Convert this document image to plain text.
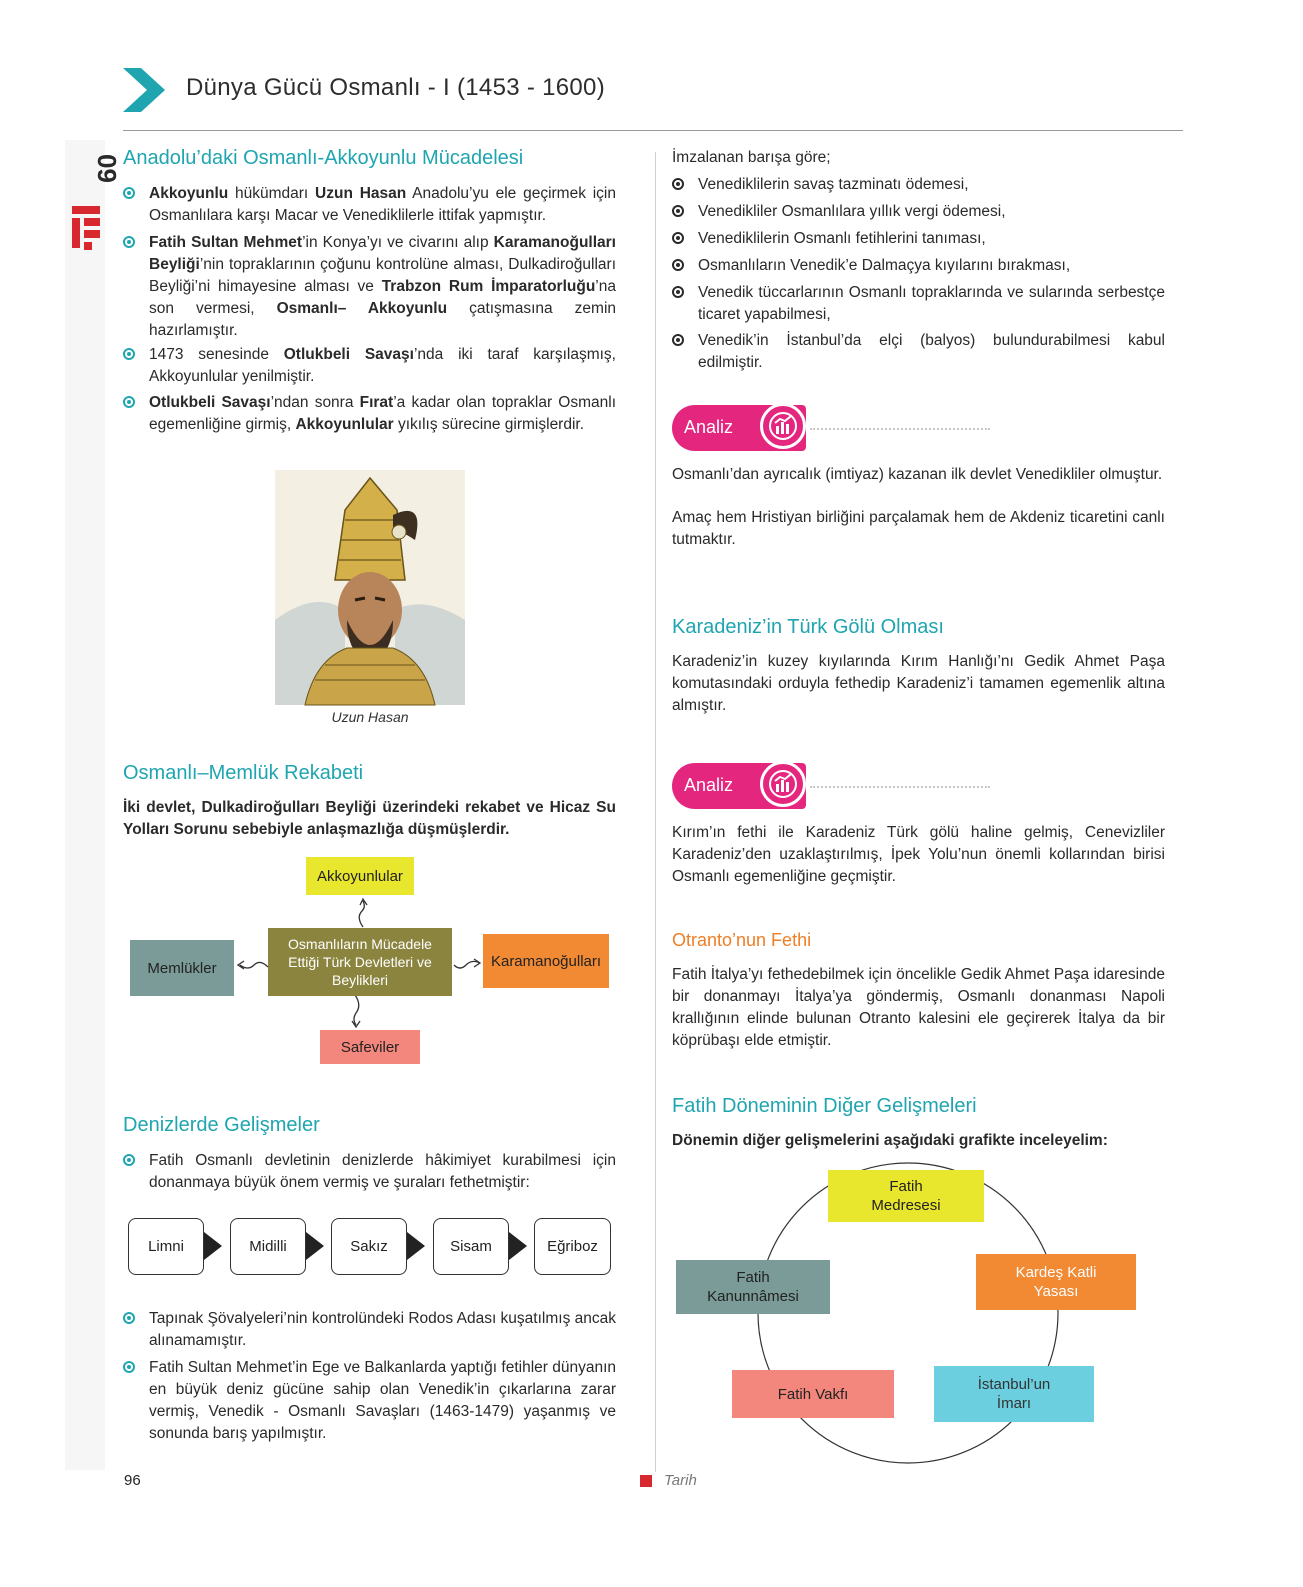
Dünya Gücü Osmanlı - I (1453 - 1600)
09 Anadolu’daki Osmanlı-Akkoyunlu Mücadelesi
Akkoyunlu hükümdarı Uzun Hasan Anadolu’yu ele geçirmek için Osmanlılara karşı Macar ve Venediklilerle ittifak yapmıştır.
Fatih Sultan Mehmet’in Konya’yı ve civarını alıp Karamanoğulları Beyliği’nin topraklarının çoğunu kontrolüne alması, Dulkadiroğulları Beyliği’ni himayesine alması ve Trabzon Rum İmparatorluğu’na son vermesi, Osmanlı– Akkoyunlu çatışmasına zemin hazırlamıştır.
1473 senesinde Otlukbeli Savaşı’nda iki taraf karşılaşmış, Akkoyunlular yenilmiştir.
Otlukbeli Savaşı’ndan sonra Fırat’a kadar olan topraklar Osmanlı egemenliğine girmiş, Akkoyunlular yıkılış sürecine girmişlerdir.
Uzun Hasan
Osmanlı–Memlük Rekabeti
İki devlet, Dulkadiroğulları Beyliği üzerindeki rekabet ve Hicaz Su Yolları Sorunu sebebiyle anlaşmazlığa düşmüşlerdir.
Osmanlıların Mücadele Ettiği Türk Devletleri ve Beylikleri
Akkoyunlular
Memlükler	Karamanoğulları
Safeviler
Denizlerde Gelişmeler
Fatih Osmanlı devletinin denizlerde hâkimiyet kurabilmesi için donanmaya büyük önem vermiş ve şuraları fethetmiştir:
Limni	Midilli	Sakız	Sisam	Eğriboz
Tapınak Şövalyeleri’nin kontrolündeki Rodos Adası kuşatılmış ancak alınamamıştır.
Fatih Sultan Mehmet’in Ege ve Balkanlarda yaptığı fetihler dünyanın en büyük deniz gücüne sahip olan Venedik’in çıkarlarına zarar vermiş, Venedik - Osmanlı Savaşları (1463-1479) yaşanmış ve sonunda barış yapılmıştır.
İmzalanan barışa göre;
Venediklilerin savaş tazminatı ödemesi,
Venedikliler Osmanlılara yıllık vergi ödemesi,
Venediklilerin Osmanlı fetihlerini tanıması,
Osmanlıların Venedik’e Dalmaçya kıyılarını bırakması,
Venedik tüccarlarının Osmanlı topraklarında ve sularında serbestçe ticaret yapabilmesi,
Venedik’in İstanbul’da elçi (balyos) bulundurabilmesi kabul edilmiştir.
Analiz
Osmanlı’dan ayrıcalık (imtiyaz) kazanan ilk devlet Venedikliler olmuştur.
Amaç hem Hristiyan birliğini parçalamak hem de Akdeniz ticaretini canlı tutmaktır.
Karadeniz’in Türk Gölü Olması
Karadeniz’in kuzey kıyılarında Kırım Hanlığı’nı Gedik Ahmet Paşa komutasındaki orduyla fethedip Karadeniz’i tamamen egemenlik altına almıştır.
Analiz
Kırım’ın fethi ile Karadeniz Türk gölü haline gelmiş, Cenevizliler Karadeniz’den uzaklaştırılmış, İpek Yolu’nun önemli kollarından birisi Osmanlı egemenliğine geçmiştir.
Otranto’nun Fethi
Fatih İtalya’yı fethedebilmek için öncelikle Gedik Ahmet Paşa idaresinde bir donanmayı İtalya’ya göndermiş, Osmanlı donanması Napoli krallığının elinde bulunan Otranto kalesini ele geçirerek İtalya da bir köprübaşı elde etmiştir.
Fatih Döneminin Diğer Gelişmeleri
Dönemin diğer gelişmelerini aşağıdaki grafikte inceleyelim:
Fatih Medresesi
Kardeş Katli Yasası
İstanbul’un İmarı
Fatih Vakfı
Fatih Kanunnâmesi
96	Tarih
